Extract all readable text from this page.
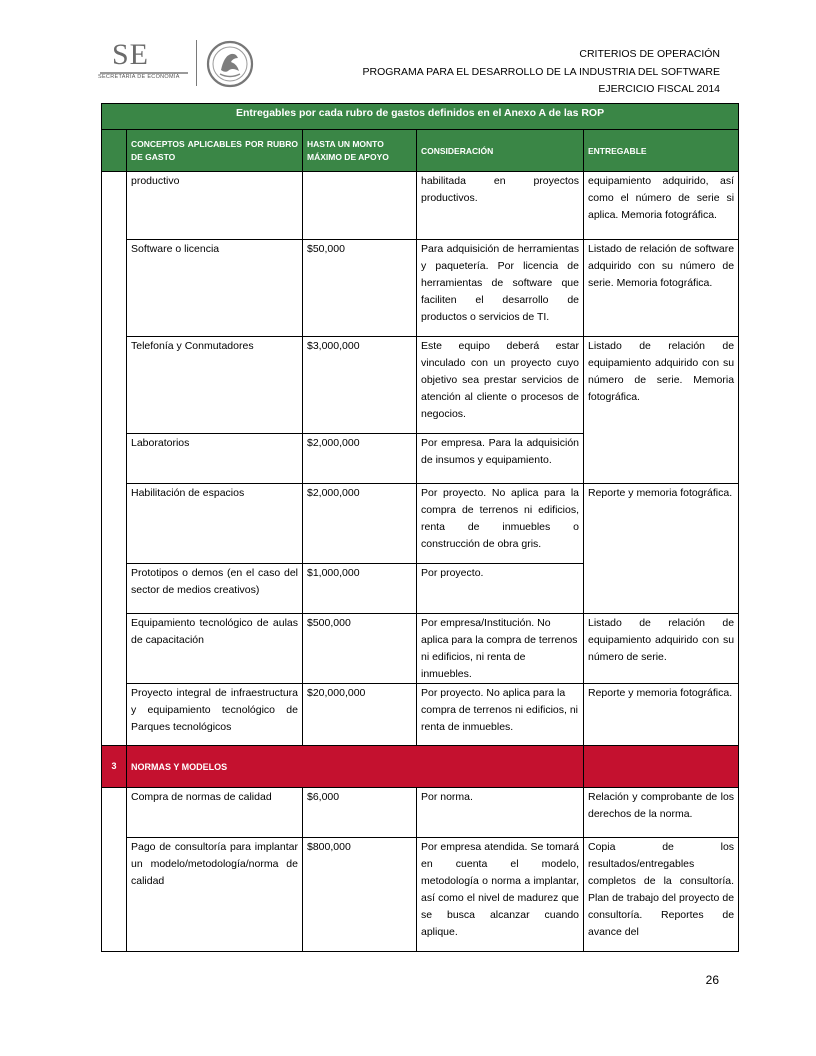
SE
SECRETARÍA DE ECONOMÍA
CRITERIOS DE OPERACIÓN
PROGRAMA PARA EL DESARROLLO DE LA INDUSTRIA DEL SOFTWARE
EJERCICIO FISCAL 2014
Entregables por cada rubro de gastos definidos en el Anexo A de las ROP				
	CONCEPTOS APLICABLES POR RUBRO DE GASTO	HASTA UN MONTO MÁXIMO DE APOYO	CONSIDERACIÓN	ENTREGABLE
	productivo		habilitada en proyectos productivos.	equipamiento adquirido, así como el número de serie si aplica. Memoria fotográfica.
	Software o licencia	$50,000	Para adquisición de herramientas y paquetería. Por licencia de herramientas de software que faciliten el desarrollo de productos o servicios de TI.	Listado de relación de software adquirido con su número de serie. Memoria fotográfica.
	Telefonía y Conmutadores	$3,000,000	Este equipo deberá estar vinculado con un proyecto cuyo objetivo sea prestar servicios de atención al cliente o procesos de negocios.	Listado de relación de equipamiento adquirido con su número de serie. Memoria fotográfica.
	Laboratorios	$2,000,000	Por empresa. Para la adquisición de insumos y equipamiento.	
	Habilitación de espacios	$2,000,000	Por proyecto. No aplica para la compra de terrenos ni edificios, renta de inmuebles o construcción de obra gris.	Reporte y memoria fotográfica.
	Prototipos o demos (en el caso del sector de medios creativos)	$1,000,000	Por proyecto.	
	Equipamiento tecnológico de aulas de capacitación	$500,000	Por empresa/Institución. No aplica para la compra de terrenos ni edificios, ni renta de inmuebles.	Listado de relación de equipamiento adquirido con su número de serie.
	Proyecto integral de infraestructura y equipamiento tecnológico de Parques tecnológicos	$20,000,000	Por proyecto. No aplica para la compra de terrenos ni edificios, ni renta de inmuebles.	Reporte y memoria fotográfica.
3	NORMAS Y MODELOS			
	Compra de normas de calidad	$6,000	Por norma.	Relación y comprobante de los derechos de la norma.
	Pago de consultoría para implantar un modelo/metodología/norma de calidad	$800,000	Por empresa atendida. Se tomará en cuenta el modelo, metodología o norma a implantar, así como el nivel de madurez que se busca alcanzar cuando aplique.	Copia de los resultados/entregables completos de la consultoría. Plan de trabajo del proyecto de consultoría. Reportes de avance del
26
